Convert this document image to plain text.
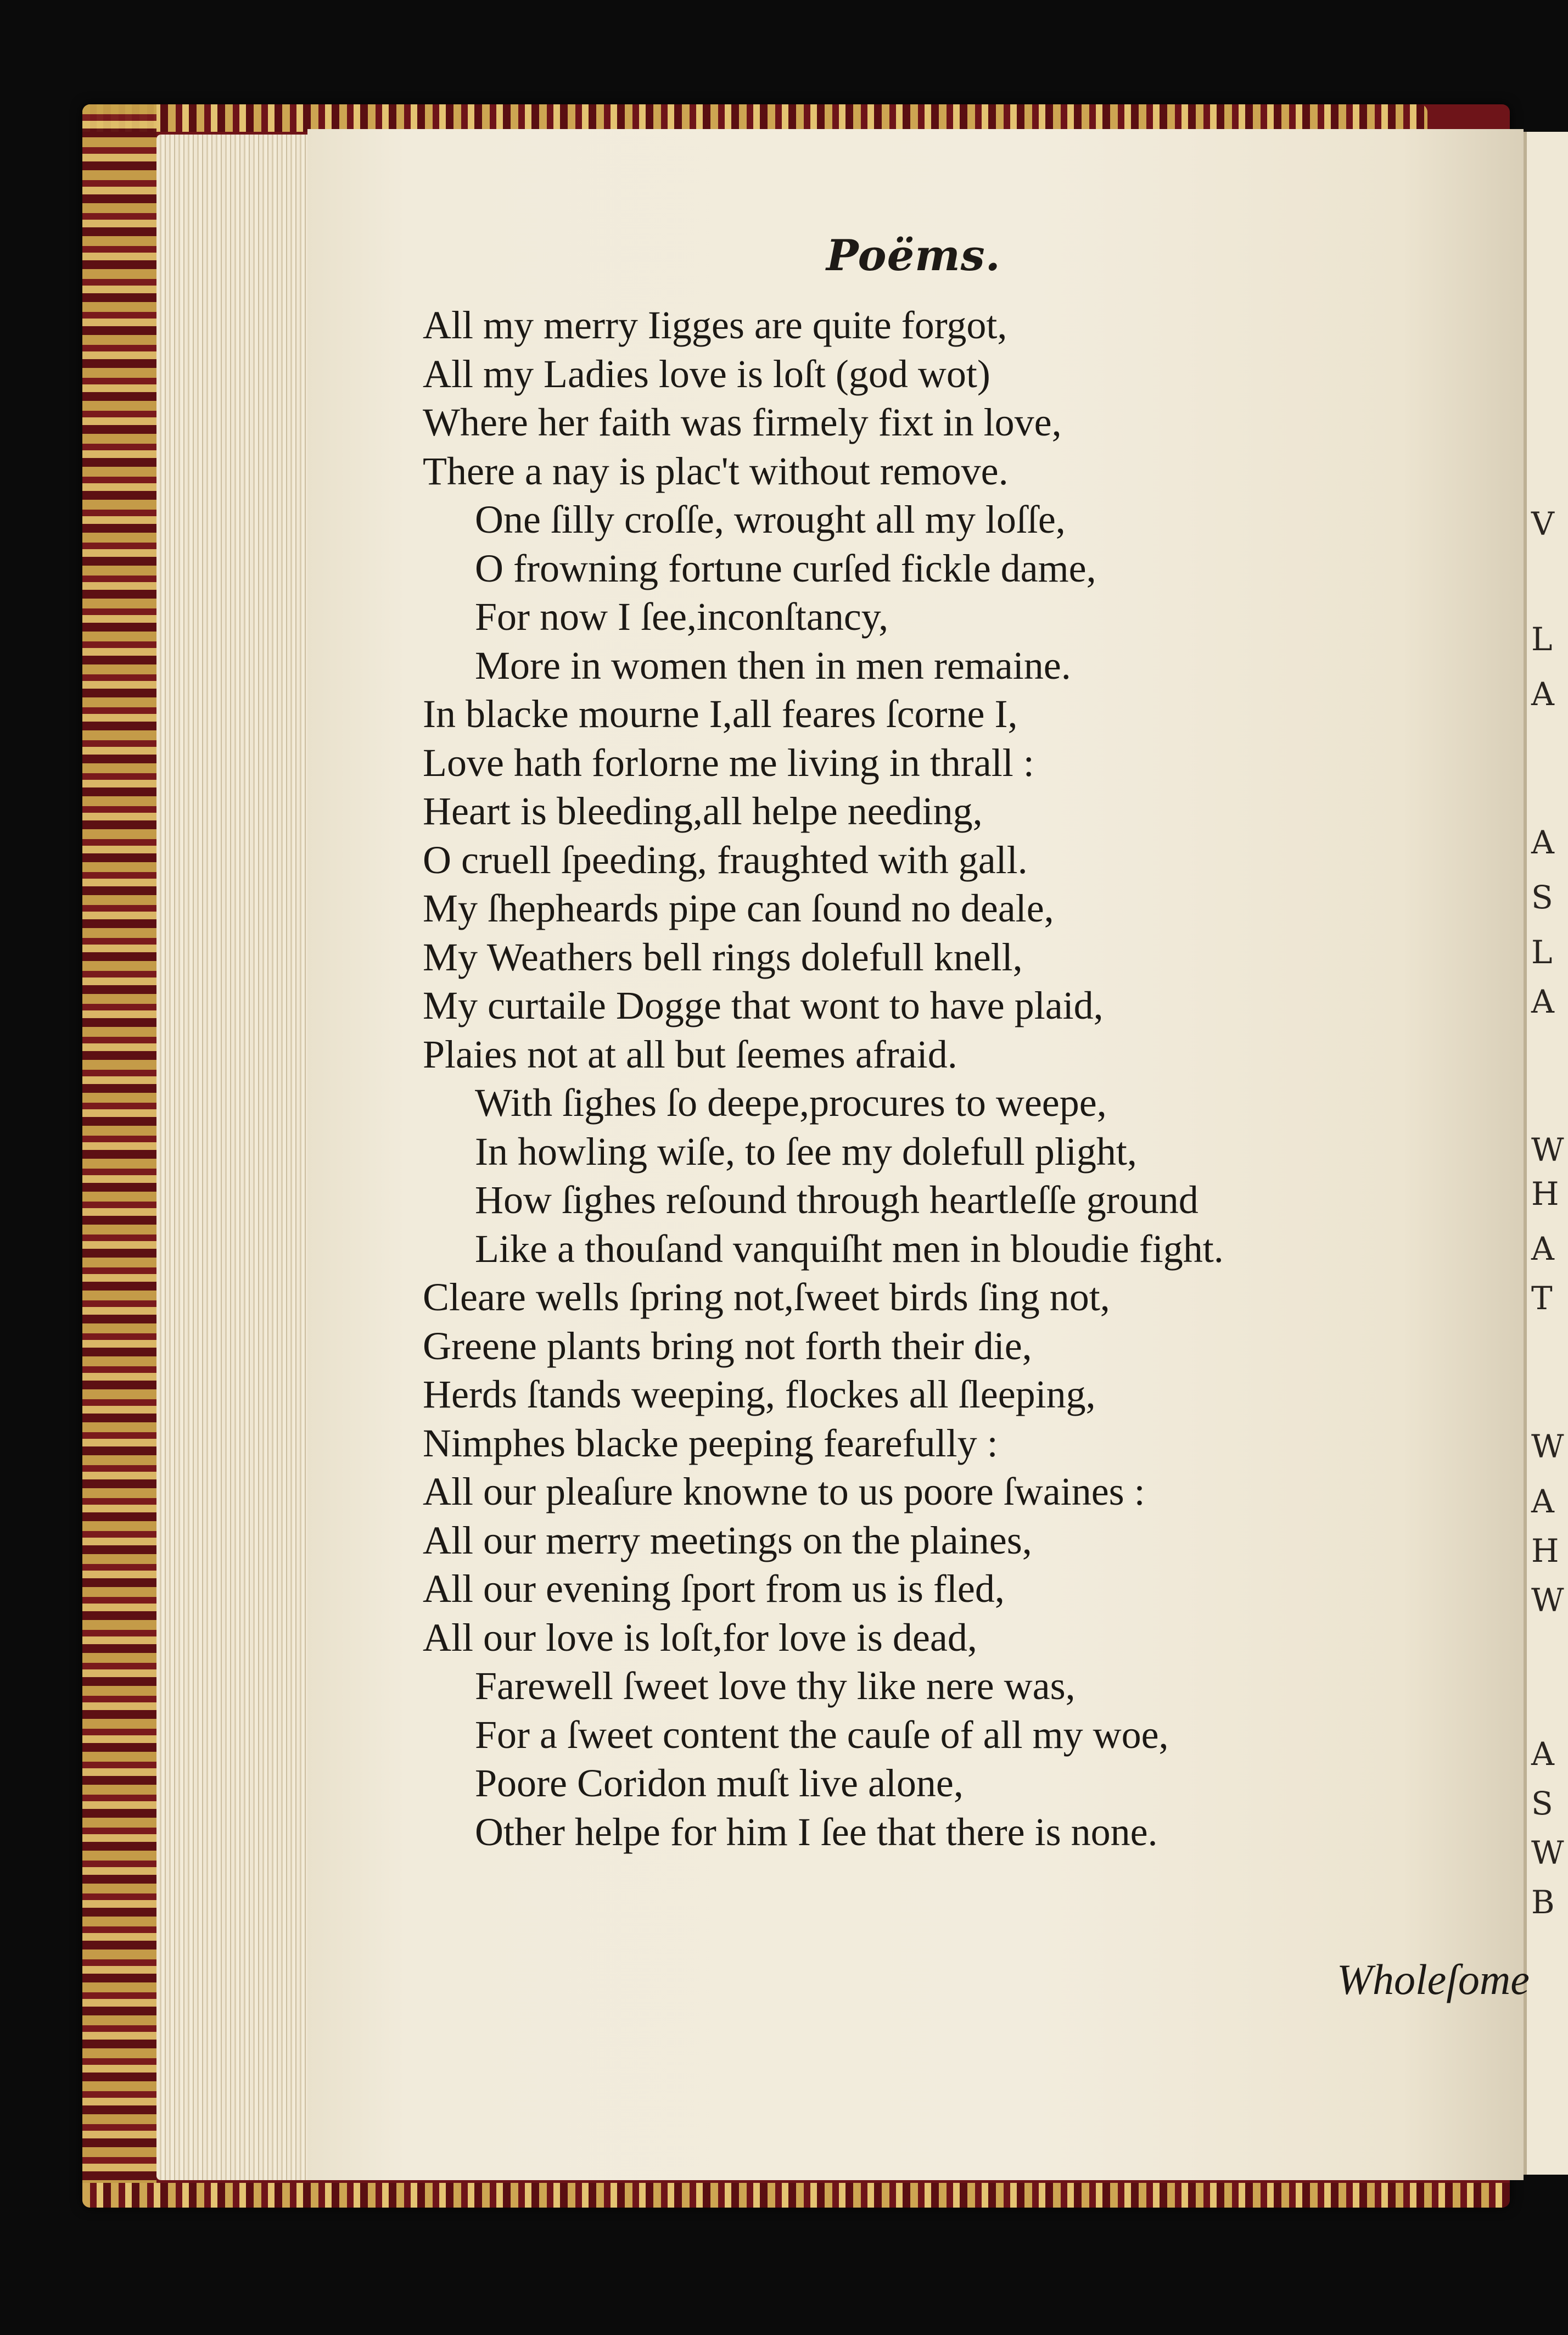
V
L
A
A
S
L
A
W
H
A
T
W
A
H
W
A
S
W
B
Poëms.
All my merry Iigges are quite forgot,
All my Ladies love is loſt (god wot)
Where her faith was firmely fixt in love,
There a nay is plac't without remove.
One ſilly croſſe, wrought all my loſſe,
O frowning fortune curſed fickle dame,
For now I ſee,inconſtancy,
More in women then in men remaine.
In blacke mourne I,all feares ſcorne I,
Love hath forlorne me living in thrall :
Heart is bleeding,all helpe needing,
O cruell ſpeeding, fraughted with gall.
My ſhepheards pipe can ſound no deale,
My Weathers bell rings dolefull knell,
My curtaile Dogge that wont to have plaid,
Plaies not at all but ſeemes afraid.
With ſighes ſo deepe,procures to weepe,
In howling wiſe, to ſee my dolefull plight,
How ſighes reſound through heartleſſe ground
Like a thouſand vanquiſht men in bloudie fight.
Cleare wells ſpring not,ſweet birds ſing not,
Greene plants bring not forth their die,
Herds ſtands weeping, flockes all ſleeping,
Nimphes blacke peeping fearefully :
All our pleaſure knowne to us poore ſwaines :
All our merry meetings on the plaines,
All our evening ſport from us is fled,
All our love is loſt,for love is dead,
Farewell ſweet love thy like nere was,
For a ſweet content the cauſe of all my woe,
Poore Coridon muſt live alone,
Other helpe for him I ſee that there is none.
Wholeſome
